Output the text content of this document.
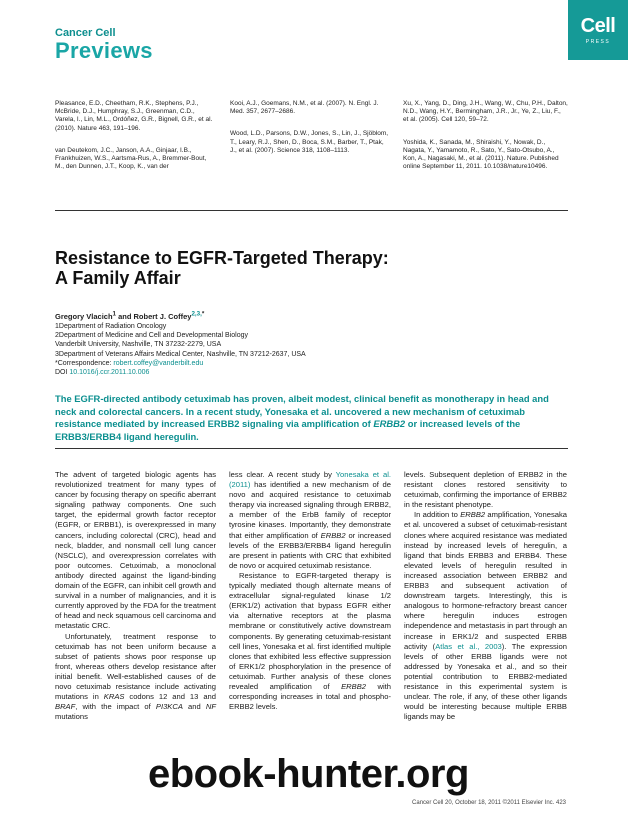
Cancer Cell
Previews
Cell
PRESS

Pleasance, E.D., Cheetham, R.K., Stephens, P.J., McBride, D.J., Humphray, S.J., Greenman, C.D., Varela, I., Lin, M.L., Ordóñez, G.R., Bignell, G.R., et al. (2010). Nature 463, 191–196.

van Deutekom, J.C., Janson, A.A., Ginjaar, I.B., Frankhuizen, W.S., Aartsma-Rus, A., Bremmer-Bout, M., den Dunnen, J.T., Koop, K., van der

Kooi, A.J., Goemans, N.M., et al. (2007). N. Engl. J. Med. 357, 2677–2686.

Wood, L.D., Parsons, D.W., Jones, S., Lin, J., Sjöblom, T., Leary, R.J., Shen, D., Boca, S.M., Barber, T., Ptak, J., et al. (2007). Science 318, 1108–1113.

Xu, X., Yang, D., Ding, J.H., Wang, W., Chu, P.H., Dalton, N.D., Wang, H.Y., Bermingham, J.R., Jr., Ye, Z., Liu, F., et al. (2005). Cell 120, 59–72.

Yoshida, K., Sanada, M., Shiraishi, Y., Nowak, D., Nagata, Y., Yamamoto, R., Sato, Y., Sato-Otsubo, A., Kon, A., Nagasaki, M., et al. (2011). Nature. Published online September 11, 2011. 10.1038/nature10496.

Resistance to EGFR-Targeted Therapy:
A Family Affair
Gregory Vlacich$^1$ and Robert J. Coffey$^{2,3,*}$
1Department of Radiation Oncology
2Department of Medicine and Cell and Developmental Biology
Vanderbilt University, Nashville, TN 37232-2279, USA
3Department of Veterans Affairs Medical Center, Nashville, TN 37212-2637, USA
*Correspondence: robert.coffey@vanderbilt.edu
DOI 10.1016/j.ccr.2011.10.006
The EGFR-directed antibody cetuximab has proven, albeit modest, clinical benefit as monotherapy in head and neck and colorectal cancers. In a recent study, Yonesaka et al. uncovered a new mechanism of cetuximab resistance mediated by increased ERBB2 signaling via amplification of ERBB2 or increased levels of the ERBB3/ERBB4 ligand heregulin.

The advent of targeted biologic agents has revolutionized treatment for many types of cancer by focusing therapy on specific aberrant signaling pathway components. One such target, the epidermal growth factor receptor (EGFR, or ERBB1), is overexpressed in many cancers, including colorectal (CRC), head and neck, bladder, and nonsmall cell lung cancer (NSCLC), and overexpression correlates with poor outcomes. Cetuximab, a monoclonal antibody directed against the ligand-binding domain of the EGFR, can inhibit cell growth and survival in a number of malignancies, and it is currently approved by the FDA for the treatment of head and neck squamous cell carcinoma and metastatic CRC.

Unfortunately, treatment response to cetuximab has not been uniform because a subset of patients shows poor response up front, whereas others develop resistance after initial benefit. Well-established causes of de novo cetuximab resistance include activating mutations in KRAS codons 12 and 13 and BRAF, with the impact of PI3KCA and NF mutations

less clear. A recent study by Yonesaka et al. (2011) has identified a new mechanism of de novo and acquired resistance to cetuximab therapy via increased signaling through ERBB2, a member of the ErbB family of receptor tyrosine kinases. Importantly, they demonstrate that either amplification of ERBB2 or increased levels of the ERBB3/ERBB4 ligand heregulin are present in patients with CRC that exhibited de novo or acquired cetuximab resistance.

Resistance to EGFR-targeted therapy is typically mediated though alternate means of extracellular signal-regulated kinase 1/2 (ERK1/2) activation that bypass EGFR either via alternative receptors at the plasma membrane or constitutively active downstream components. By generating cetuximab-resistant cell lines, Yonesaka et al. first identified multiple clones that exhibited less effective suppression of ERK1/2 phosphorylation in the presence of cetuximab. Further analysis of these clones revealed amplification of ERBB2 with corresponding increases in total and phospho-ERBB2 levels.

levels. Subsequent depletion of ERBB2 in the resistant clones restored sensitivity to cetuximab, confirming the importance of ERBB2 in the resistant phenotype.

In addition to ERBB2 amplification, Yonesaka et al. uncovered a subset of cetuximab-resistant clones where acquired resistance was mediated instead by increased levels of heregulin, a ligand that binds ERBB3 and ERBB4. These elevated levels of heregulin resulted in increased association between ERBB2 and ERBB3 and subsequent activation of downstream targets. Interestingly, this is analogous to hormone-refractory breast cancer where heregulin induces estrogen independence and metastasis in part through an increase in ERK1/2 and suspected ERBB activity (Atlas et al., 2003). The expression levels of other ERBB ligands were not addressed by Yonesaka et al., and so their potential contribution to ERBB2-mediated resistance in this experimental system is unclear. The role, if any, of these other ligands would be interesting because multiple ERBB ligands may be

Cancer Cell 20, October 18, 2011 ©2011 Elsevier Inc. 423
ebook-hunter.org
